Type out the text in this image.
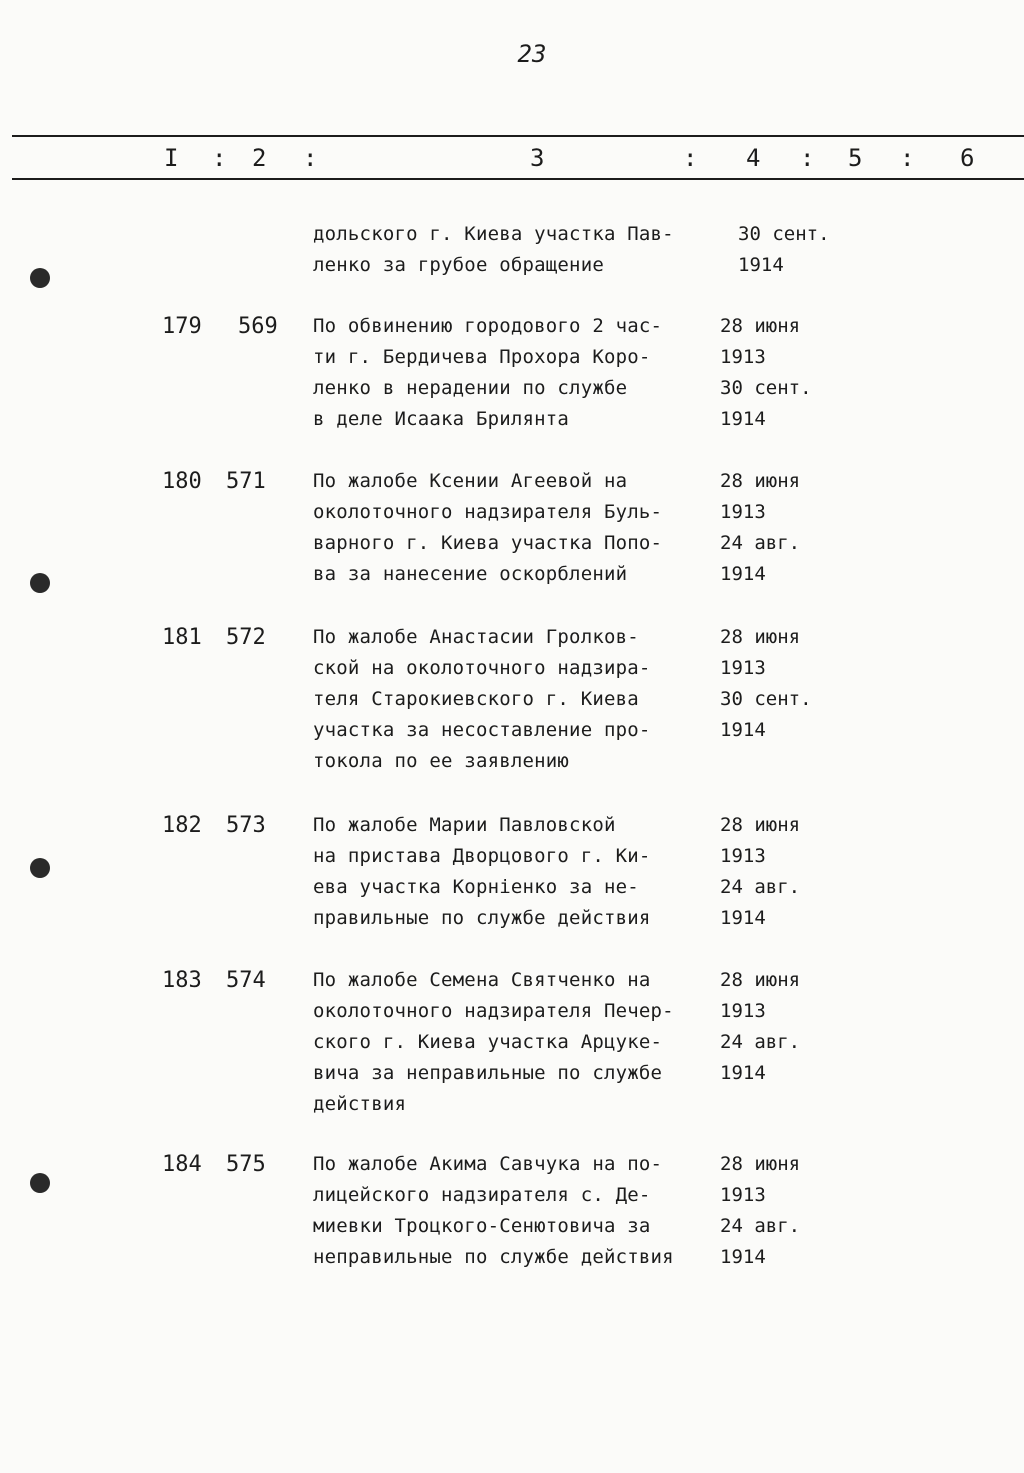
23
I : 2 :	3	: 4 : 5 : 6
дольского г. Киева участка Пав-
ленко за грубое обращение
30 сент.
1914
179 569 По обвинению городового 2 час-
ти г. Бердичева Прохора Коро-
ленко в нерадении по службе
в деле Исаака Брилянта
28 июня
1913
30 сент.
1914
180 571 По жалобе Ксении Агеевой на
околоточного надзирателя Буль-
варного г. Киева участка Попо-
ва за нанесение оскорблений
28 июня
1913
24 авг.
1914
181 572 По жалобе Анастасии Гролков-
ской на околоточного надзира-
теля Старокиевского г. Киева
участка за несоставление про-
токола по ее заявлению
28 июня
1913
30 сент.
1914
182 573 По жалобе Марии Павловской
на пристава Дворцового г. Ки-
ева участка Корнiенко за не-
правильные по службе действия
28 июня
1913
24 авг.
1914
183 574 По жалобе Семена Святченко на
околоточного надзирателя Печер-
ского г. Киева участка Арцуке-
вича за неправильные по службе
действия
28 июня
1913
24 авг.
1914
184 575 По жалобе Акима Савчука на по-
лицейского надзирателя с. Де-
миевки Троцкого-Сенютовича за
неправильные по службе действия
28 июня
1913
24 авг.
1914
